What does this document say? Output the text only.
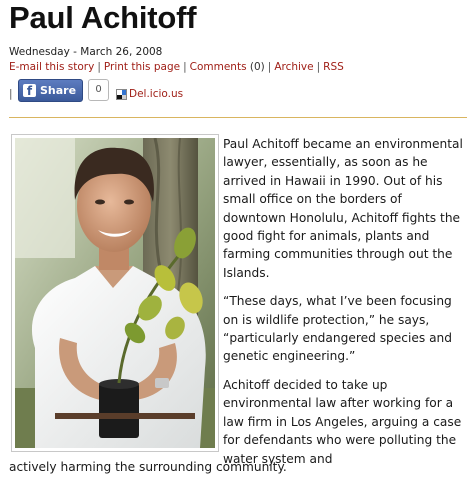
Paul Achitoff
Wednesday - March 26, 2008
E-mail this story | Print this page | Comments (0) | Archive | RSS
|	f Share	0	Del.icio.us

Paul Achitoff became an environmental lawyer, essentially, as soon as he arrived in Hawaii in 1990. Out of his small office on the borders of downtown Honolulu, Achitoff fights the good fight for animals, plants and farming communities through out the Islands.

“These days, what I’ve been focusing on is wildlife protection,” he says, “particularly endangered species and genetic engineering.”

Achitoff decided to take up environmental law after working for a law firm in Los Angeles, arguing a case for defendants who were polluting the water system and

actively harming the surrounding community.
